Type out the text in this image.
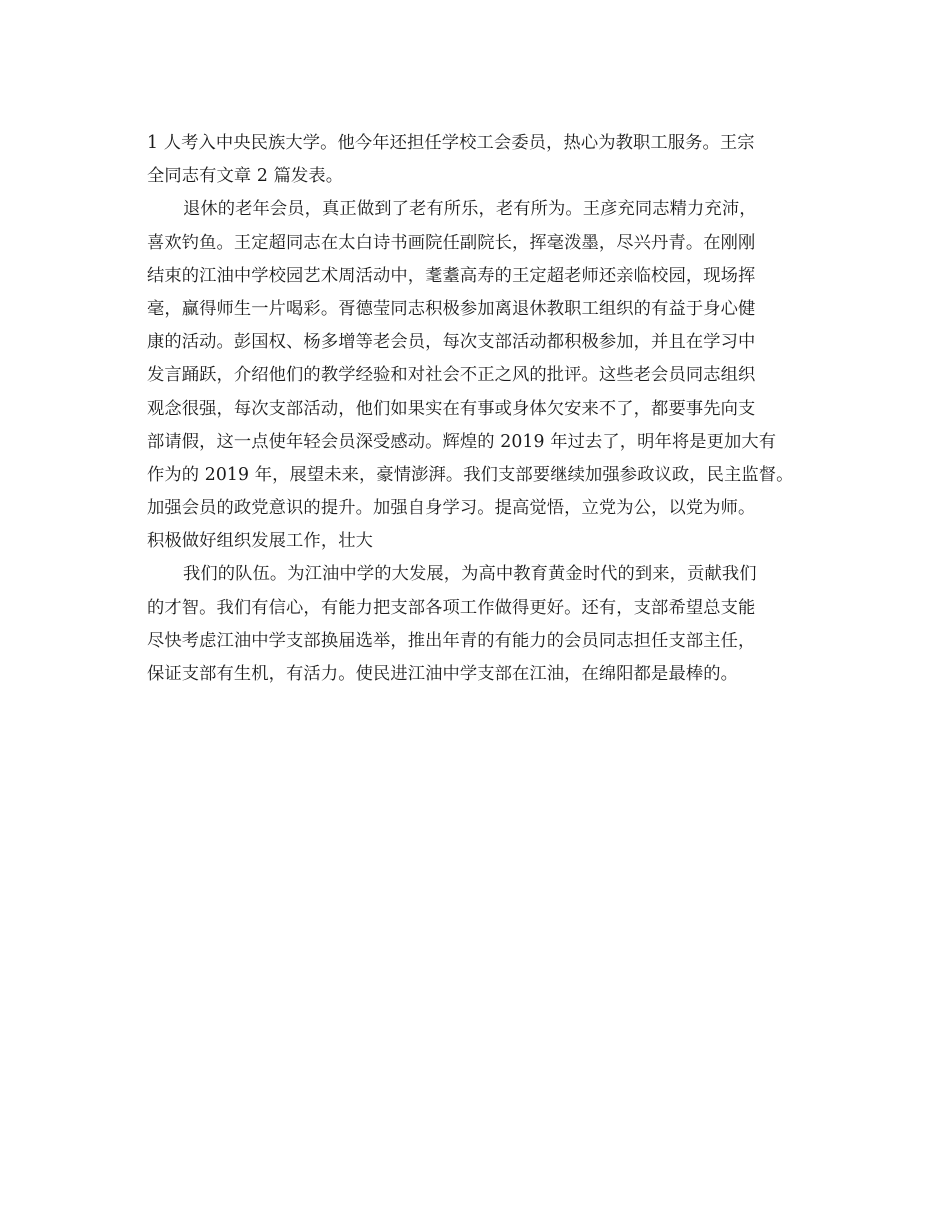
1 人考入中央民族大学。他今年还担任学校工会委员，热心为教职工服务。王宗
全同志有文章 2 篇发表。
退休的老年会员，真正做到了老有所乐，老有所为。王彦充同志精力充沛，
喜欢钓鱼。王定超同志在太白诗书画院任副院长，挥毫泼墨，尽兴丹青。在刚刚
结束的江油中学校园艺术周活动中，耄耋高寿的王定超老师还亲临校园，现场挥
毫，赢得师生一片喝彩。胥德莹同志积极参加离退休教职工组织的有益于身心健
康的活动。彭国权、杨多增等老会员，每次支部活动都积极参加，并且在学习中
发言踊跃，介绍他们的教学经验和对社会不正之风的批评。这些老会员同志组织
观念很强，每次支部活动，他们如果实在有事或身体欠安来不了，都要事先向支
部请假，这一点使年轻会员深受感动。辉煌的 2019 年过去了，明年将是更加大有
作为的 2019 年，展望未来，豪情澎湃。我们支部要继续加强参政议政，民主监督。
加强会员的政党意识的提升。加强自身学习。提高觉悟，立党为公，以党为师。
积极做好组织发展工作，壮大
我们的队伍。为江油中学的大发展，为高中教育黄金时代的到来，贡献我们
的才智。我们有信心，有能力把支部各项工作做得更好。还有，支部希望总支能
尽快考虑江油中学支部换届选举，推出年青的有能力的会员同志担任支部主任，
保证支部有生机，有活力。使民进江油中学支部在江油，在绵阳都是最棒的。
